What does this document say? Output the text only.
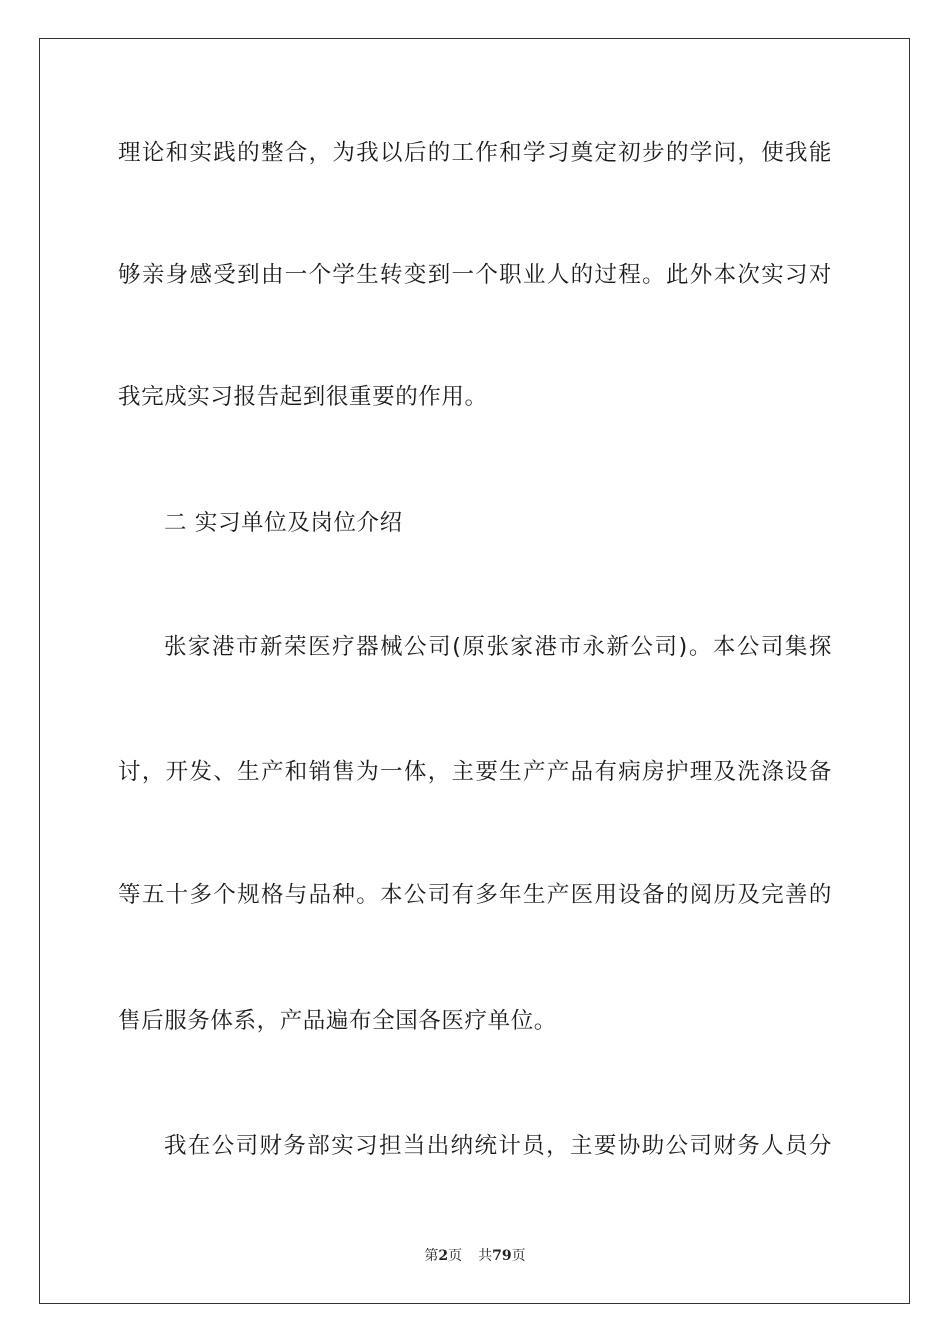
理论和实践的整合，为我以后的工作和学习奠定初步的学问，使我能
够亲身感受到由一个学生转变到一个职业人的过程。此外本次实习对
我完成实习报告起到很重要的作用。
二 实习单位及岗位介绍
张家港市新荣医疗器械公司(原张家港市永新公司)。本公司集探
讨，开发、生产和销售为一体，主要生产产品有病房护理及洗涤设备
等五十多个规格与品种。本公司有多年生产医用设备的阅历及完善的
售后服务体系，产品遍布全国各医疗单位。
我在公司财务部实习担当出纳统计员，主要协助公司财务人员分
第2页 共79页
